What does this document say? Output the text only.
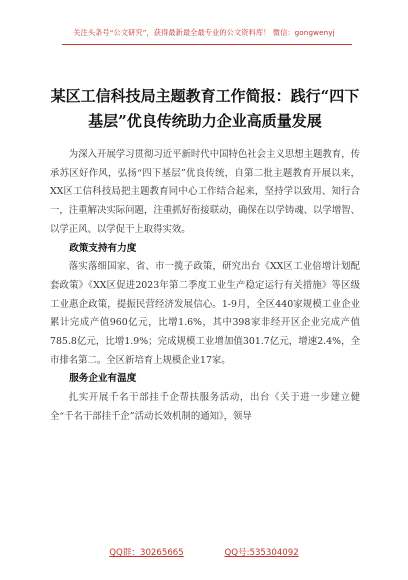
关注头条号“公文研究”，获得最新最全最专业的公文资料库！ 微信：gongwenyj
某区工信科技局主题教育工作简报：践行“四下基层”优良传统助力企业高质量发展

为深入开展学习贯彻习近平新时代中国特色社会主义思想主题教育，传承苏区好作风，弘扬“四下基层”优良传统，自第二批主题教育开展以来，XX区工信科技局把主题教育同中心工作结合起来，坚持学以致用、知行合一，注重解决实际问题，注重抓好衔接联动，确保在以学铸魂、以学增智、以学正风、以学促干上取得实效。

政策支持有力度

落实落细国家、省、市一揽子政策，研究出台《XX区工业倍增计划配套政策》《XX区促进2023年第二季度工业生产稳定运行有关措施》等区级工业惠企政策，提振民营经济发展信心。1-9月，全区440家规模工业企业累计完成产值960亿元，比增1.6%，其中398家非经开区企业完成产值785.8亿元，比增1.9%；完成规模工业增加值301.7亿元，增速2.4%，全市排名第二。全区新培育上规模企业17家。

服务企业有温度

扎实开展千名干部挂千企帮扶服务活动，出台《关于进一步建立健全“千名干部挂千企”活动长效机制的通知》，领导

QQ群：30265665	QQ号:535304092
